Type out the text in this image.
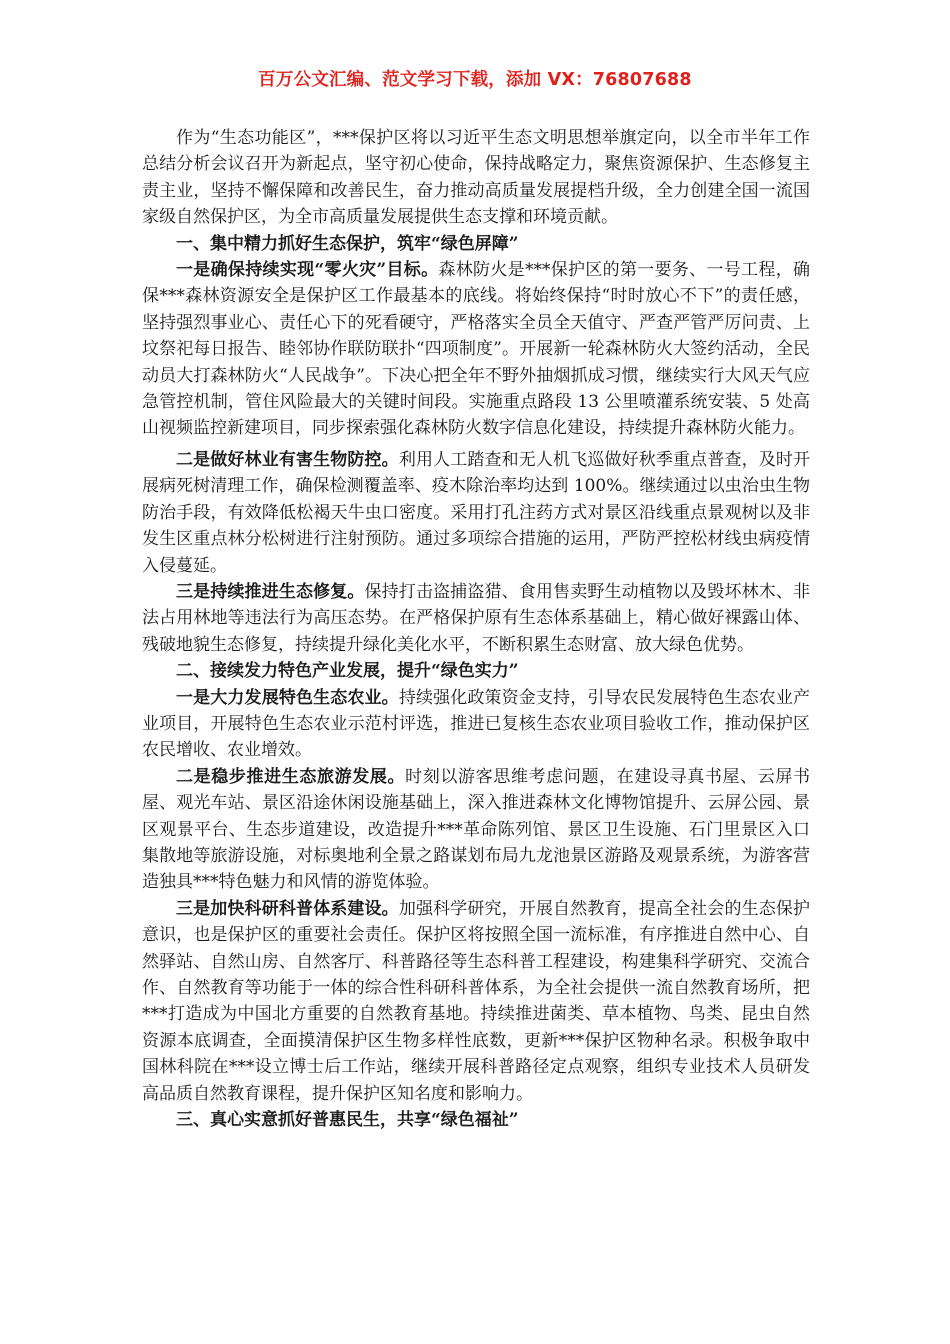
百万公文汇编、范文学习下载，添加 VX：76807688

作为“生态功能区”，***保护区将以习近平生态文明思想举旗定向，以全市半年工作总结分析会议召开为新起点，坚守初心使命，保持战略定力，聚焦资源保护、生态修复主责主业，坚持不懈保障和改善民生，奋力推动高质量发展提档升级，全力创建全国一流国家级自然保护区，为全市高质量发展提供生态支撑和环境贡献。

一、集中精力抓好生态保护，筑牢“绿色屏障”

一是确保持续实现“零火灾”目标。森林防火是***保护区的第一要务、一号工程，确保***森林资源安全是保护区工作最基本的底线。将始终保持“时时放心不下”的责任感，坚持强烈事业心、责任心下的死看硬守，严格落实全员全天值守、严查严管严厉问责、上坟祭祀每日报告、睦邻协作联防联扑“四项制度”。开展新一轮森林防火大签约活动，全民动员大打森林防火“人民战争”。下决心把全年不野外抽烟抓成习惯，继续实行大风天气应急管控机制，管住风险最大的关键时间段。实施重点路段 13 公里喷灌系统安装、5 处高山视频监控新建项目，同步探索强化森林防火数字信息化建设，持续提升森林防火能力。

二是做好林业有害生物防控。利用人工踏查和无人机飞巡做好秋季重点普查，及时开展病死树清理工作，确保检测覆盖率、疫木除治率均达到 100%。继续通过以虫治虫生物防治手段，有效降低松褐天牛虫口密度。采用打孔注药方式对景区沿线重点景观树以及非发生区重点林分松树进行注射预防。通过多项综合措施的运用，严防严控松材线虫病疫情入侵蔓延。

三是持续推进生态修复。保持打击盗捕盗猎、食用售卖野生动植物以及毁坏林木、非法占用林地等违法行为高压态势。在严格保护原有生态体系基础上，精心做好裸露山体、残破地貌生态修复，持续提升绿化美化水平，不断积累生态财富、放大绿色优势。

二、接续发力特色产业发展，提升“绿色实力”

一是大力发展特色生态农业。持续强化政策资金支持，引导农民发展特色生态农业产业项目，开展特色生态农业示范村评选，推进已复核生态农业项目验收工作，推动保护区农民增收、农业增效。

二是稳步推进生态旅游发展。时刻以游客思维考虑问题，在建设寻真书屋、云屏书屋、观光车站、景区沿途休闲设施基础上，深入推进森林文化博物馆提升、云屏公园、景区观景平台、生态步道建设，改造提升***革命陈列馆、景区卫生设施、石门里景区入口集散地等旅游设施，对标奥地利全景之路谋划布局九龙池景区游路及观景系统，为游客营造独具***特色魅力和风情的游览体验。

三是加快科研科普体系建设。加强科学研究，开展自然教育，提高全社会的生态保护意识，也是保护区的重要社会责任。保护区将按照全国一流标准，有序推进自然中心、自然驿站、自然山房、自然客厅、科普路径等生态科普工程建设，构建集科学研究、交流合作、自然教育等功能于一体的综合性科研科普体系，为全社会提供一流自然教育场所，把***打造成为中国北方重要的自然教育基地。持续推进菌类、草本植物、鸟类、昆虫自然资源本底调查，全面摸清保护区生物多样性底数，更新***保护区物种名录。积极争取中国林科院在***设立博士后工作站，继续开展科普路径定点观察，组织专业技术人员研发高品质自然教育课程，提升保护区知名度和影响力。

三、真心实意抓好普惠民生，共享“绿色福祉”
